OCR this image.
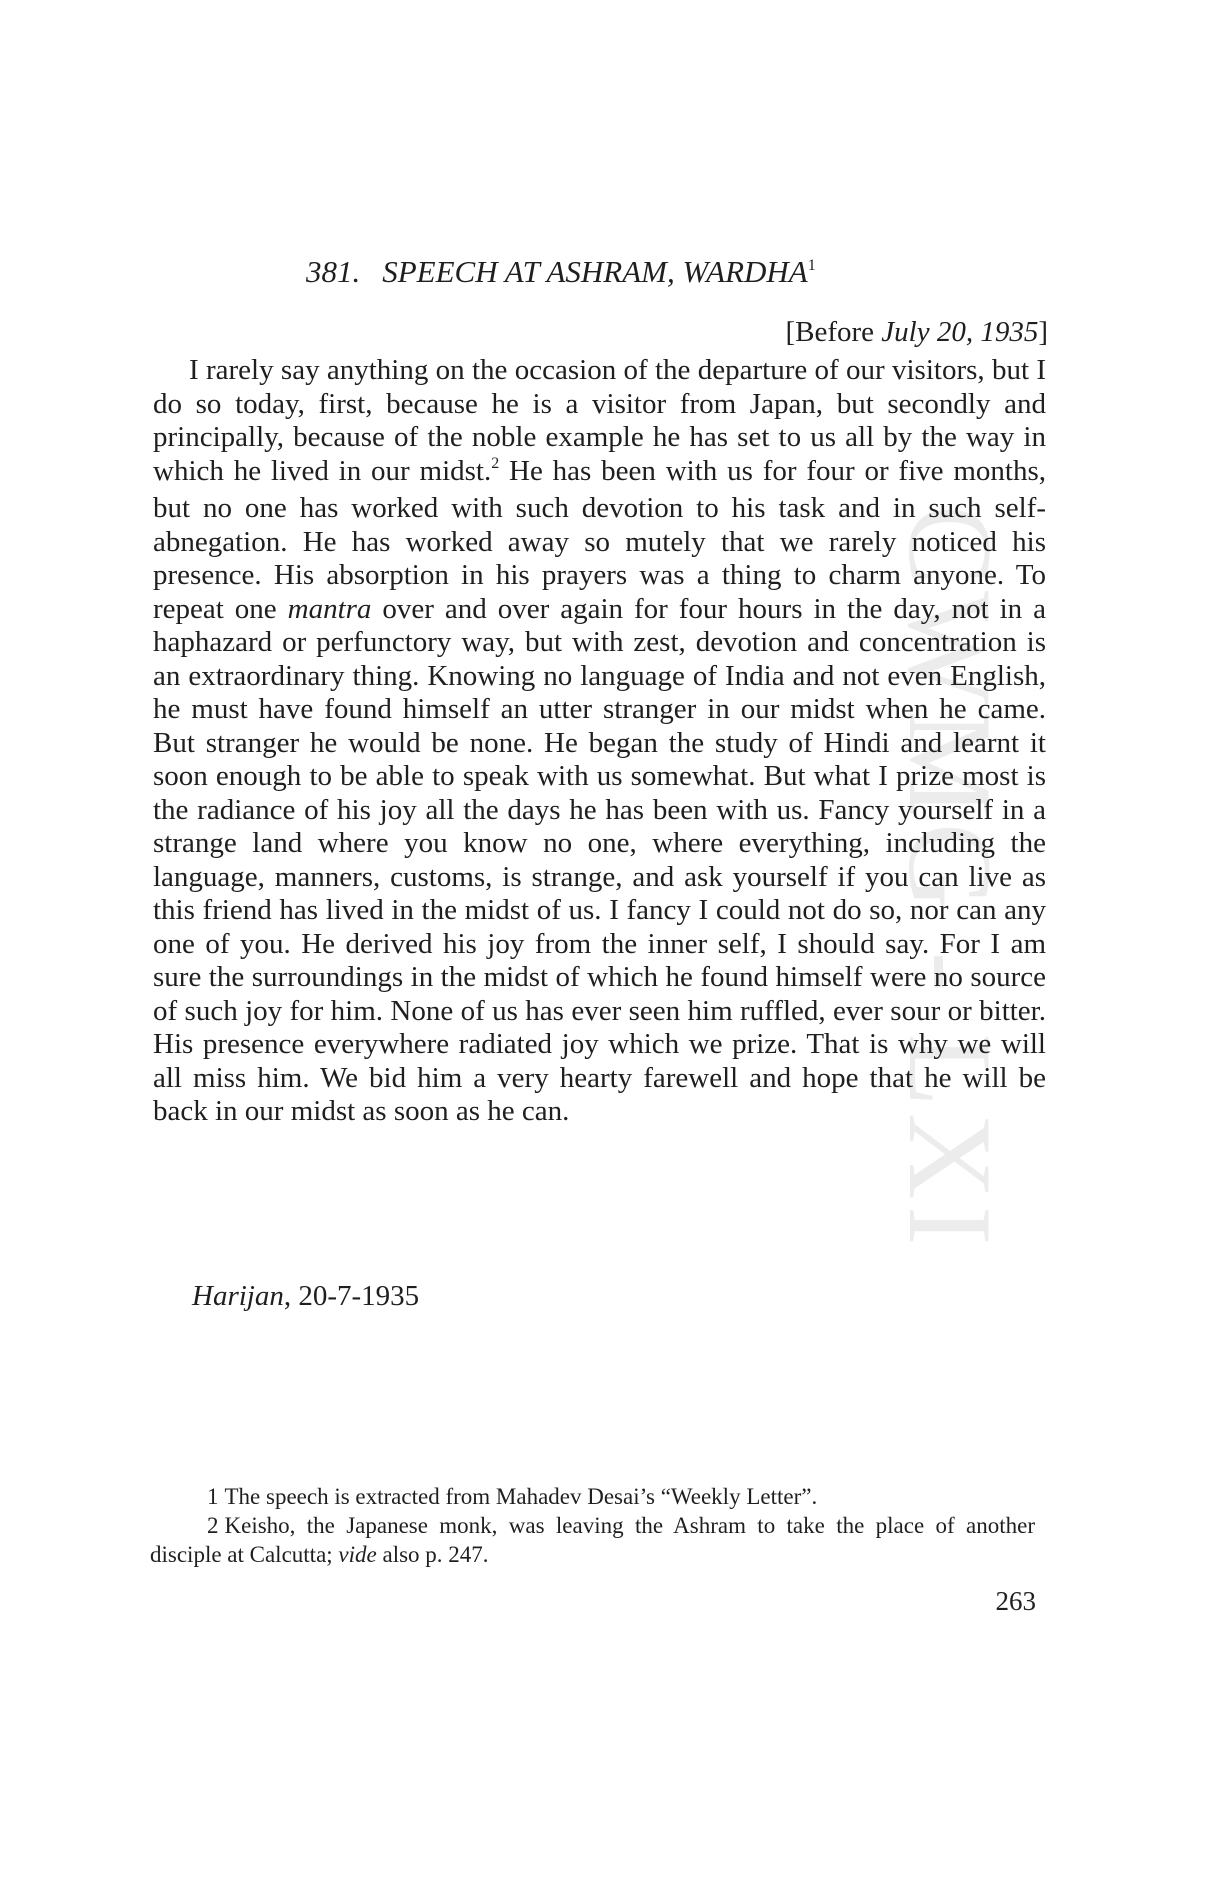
CWMG - LXI
381. SPEECH AT ASHRAM, WARDHA$^1$
[Before July 20, 1935]
I rarely say anything on the occasion of the departure of our visitors, but I do so today, first, because he is a visitor from Japan, but secondly and principally, because of the noble example he has set to us all by the way in which he lived in our midst.$^2$ He has been with us for four or five months, but no one has worked with such devotion to his task and in such self-abnegation. He has worked away so mutely that we rarely noticed his presence. His absorption in his prayers was a thing to charm anyone. To repeat one mantra over and over again for four hours in the day, not in a haphazard or perfunctory way, but with zest, devotion and concentration is an extraordinary thing. Knowing no language of India and not even English, he must have found himself an utter stranger in our midst when he came. But stranger he would be none. He began the study of Hindi and learnt it soon enough to be able to speak with us somewhat. But what I prize most is the radiance of his joy all the days he has been with us. Fancy yourself in a strange land where you know no one, where everything, including the language, manners, customs, is strange, and ask yourself if you can live as this friend has lived in the midst of us. I fancy I could not do so, nor can any one of you. He derived his joy from the inner self, I should say. For I am sure the surroundings in the midst of which he found himself were no source of such joy for him. None of us has ever seen him ruffled, ever sour or bitter. His presence everywhere radiated joy which we prize. That is why we will all miss him. We bid him a very hearty farewell and hope that he will be back in our midst as soon as he can.
Harijan, 20-7-1935
1 The speech is extracted from Mahadev Desai’s “Weekly Letter”.
2 Keisho, the Japanese monk, was leaving the Ashram to take the place of another disciple at Calcutta; vide also p. 247.
263
